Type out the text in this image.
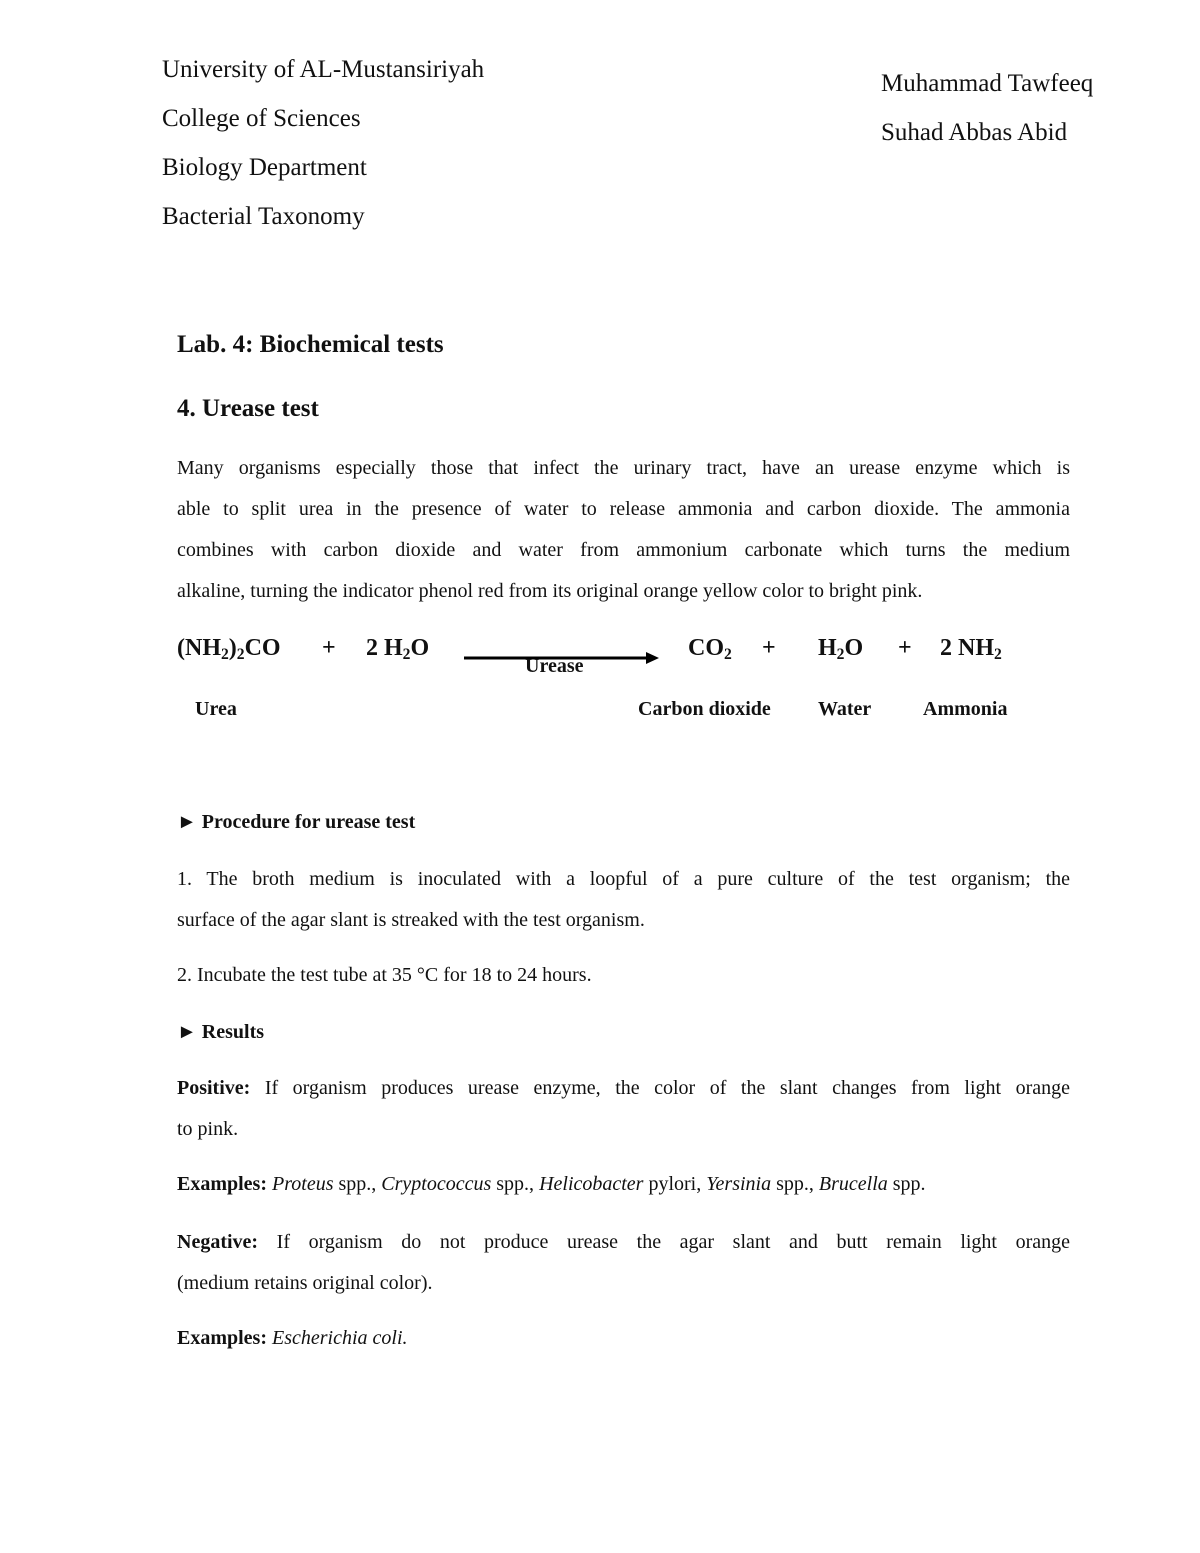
University of AL-Mustansiriyah
College of Sciences
Biology Department
Bacterial Taxonomy
Muhammad Tawfeeq
Suhad Abbas Abid
Lab. 4: Biochemical tests
4. Urease test
Many organisms especially those that infect the urinary tract, have an urease enzyme which is
able to split urea in the presence of water to release ammonia and carbon dioxide. The ammonia
combines with carbon dioxide and water from ammonium carbonate which turns the medium
alkaline, turning the indicator phenol red from its original orange yellow color to bright pink.
$(NH_2)_2CO + 2$ $H_2O$
Urease
$CO_2 + H_2O + 2$ $NH_2$
Urea	Carbon dioxide Water	Ammonia
► Procedure for urease test
1. The broth medium is inoculated with a loopful of a pure culture of the test organism; the
surface of the agar slant is streaked with the test organism.
2. Incubate the test tube at 35 °C for 18 to 24 hours.
► Results
Positive: If organism produces urease enzyme, the color of the slant changes from light orange
to pink.
Examples: Proteus spp., Cryptococcus spp., Helicobacter pylori, Yersinia spp., Brucella spp.
Negative: If organism do not produce urease the agar slant and butt remain light orange
(medium retains original color).
Examples: Escherichia coli.
